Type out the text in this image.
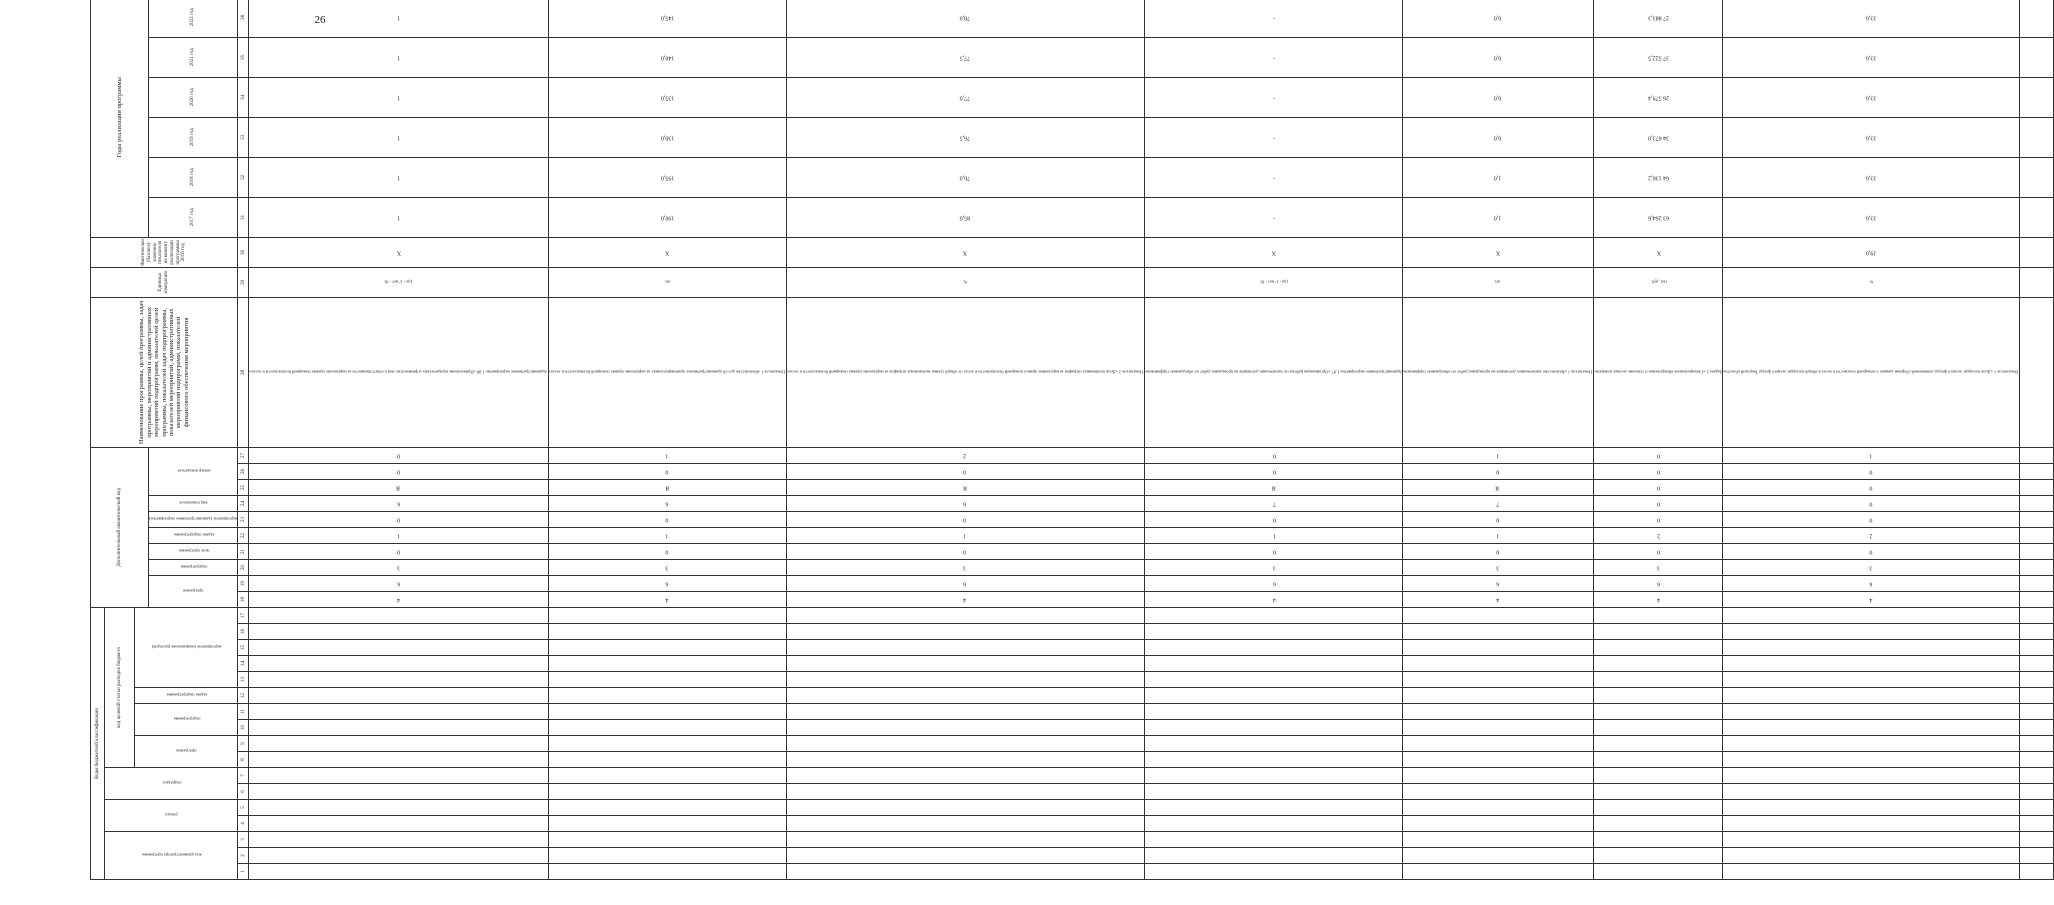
26
Коды бюджетной классификации																	Дополнительный аналитический код										Наименование программы, целей программы, задач программы, мероприятий и административных мероприятий подпрограмм, показателей целей программы, показателей задач подпрограммы, показателей мероприятий, административных мероприятий подпрограмм, показателей финансового обеспечения мероприятия	Единица измерения	Фактическое (базовое) значение показателя на момент реализации программы 2016 год	Годы реализации программы	
код администратора программы			раздел		подраздел		код целевой статьи расходов бюджета																													
							программа		подпрограмма		задача подпрограммы	мероприятие (направление расходов)																								
																	программа		подпрограмма	цель программы	задача подпрограммы	мероприятие (административное мероприятие)	вид показателя	номер показателя						2017 год	2018 год	2019 год	2020 год	2021 год	2022 год	
1	2	3	4	5	6	7	8	9	10	11	12	13	14	15	16	17	18	19	20	21	22	23	24	25	26	27	28	29	30	31	32	33	34	35	36	
																	4	6	3	0	1	0	6	Я	0	0	Административное мероприятие 1.06 «Привлечение юридических и физических лиц к ответственности за нарушение правил пожарной безопасности в лесах»	(да - 1/ нет - 0)	Х	1	1	1	1	1	1	
																	4	6	3	0	1	0	6	Я	0	1	Показатель 1 «Количество дел об административных правонарушениях за нарушение правил пожарной безопасности в лесах»	шт.	Х	190,0	195,0	130,0	135,0	140,0	145,0	
																	4	6	3	0	1	0	6	Я	0	2	Показатель 2 «Доля оплаченных штрафов за нарушение правил пожарной безопасности в лесах от общей суммы наложенных штрафов за нарушение правил пожарной безопасности в лесах»	%	Х	85,0	76,0	76,5	77,0	77,5	78,0	
																	4	6	3	0	1	0	7	Я	0	0	Административное мероприятие 1.07 «Организация работы по заключению договоров на проведение работ по обводнению торфяников»	(да - 1/ нет - 0)	Х	-	-	-	-	-	-	
																	4	6	3	0	1	0	7	Я	0	1	Показатель 1 «Количество заключенных договоров на проведение работ по обводнению торфяников»	шт.	Х	1,0	1,0	0,0	0,0	0,0	0,0	
																	4	6	3	0	2	0	0	0	0	0	Задача 2 «Своевременное обнаружение и тушение лесных пожаров»	тыс. руб.	Х	63 264,6	64 130,2	34 673,0	26 579,4	37 522,5	27 883,3	
																	4	6	3	0	2	0	0	0	0	1	Показатель 1 «Доля площади лесного фонда, охваченной сборами данных о пожарной опасности в лесах в общей площади лесного фонда Тверской области»	%	19,0	33,6	33,6	33,6	33,6	33,6	33,6	
